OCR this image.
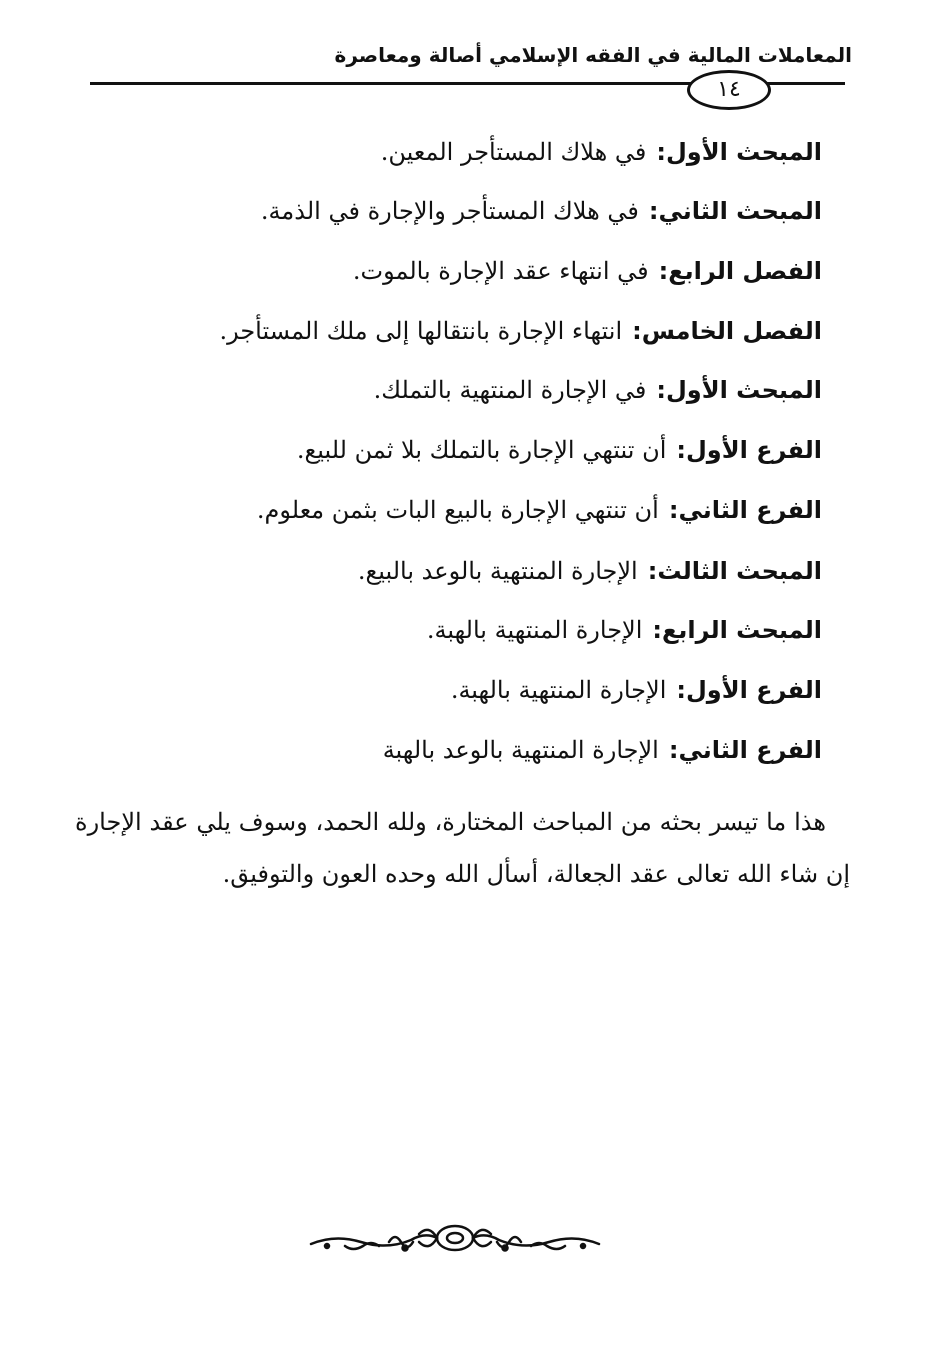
المعاملات المالية في الفقه الإسلامي أصالة ومعاصرة
١٤
المبحث الأول:في هلاك المستأجر المعين.
المبحث الثاني:في هلاك المستأجر والإجارة في الذمة.
الفصل الرابع:في انتهاء عقد الإجارة بالموت.
الفصل الخامس:انتهاء الإجارة بانتقالها إلى ملك المستأجر.
المبحث الأول:في الإجارة المنتهية بالتملك.
الفرع الأول:أن تنتهي الإجارة بالتملك بلا ثمن للبيع.
الفرع الثاني:أن تنتهي الإجارة بالبيع البات بثمن معلوم.
المبحث الثالث:الإجارة المنتهية بالوعد بالبيع.
المبحث الرابع:الإجارة المنتهية بالهبة.
الفرع الأول:الإجارة المنتهية بالهبة.
الفرع الثاني:الإجارة المنتهية بالوعد بالهبة
هذا ما تيسر بحثه من المباحث المختارة، ولله الحمد، وسوف يلي عقد الإجارة إن شاء الله تعالى عقد الجعالة، أسأل الله وحده العون والتوفيق.
